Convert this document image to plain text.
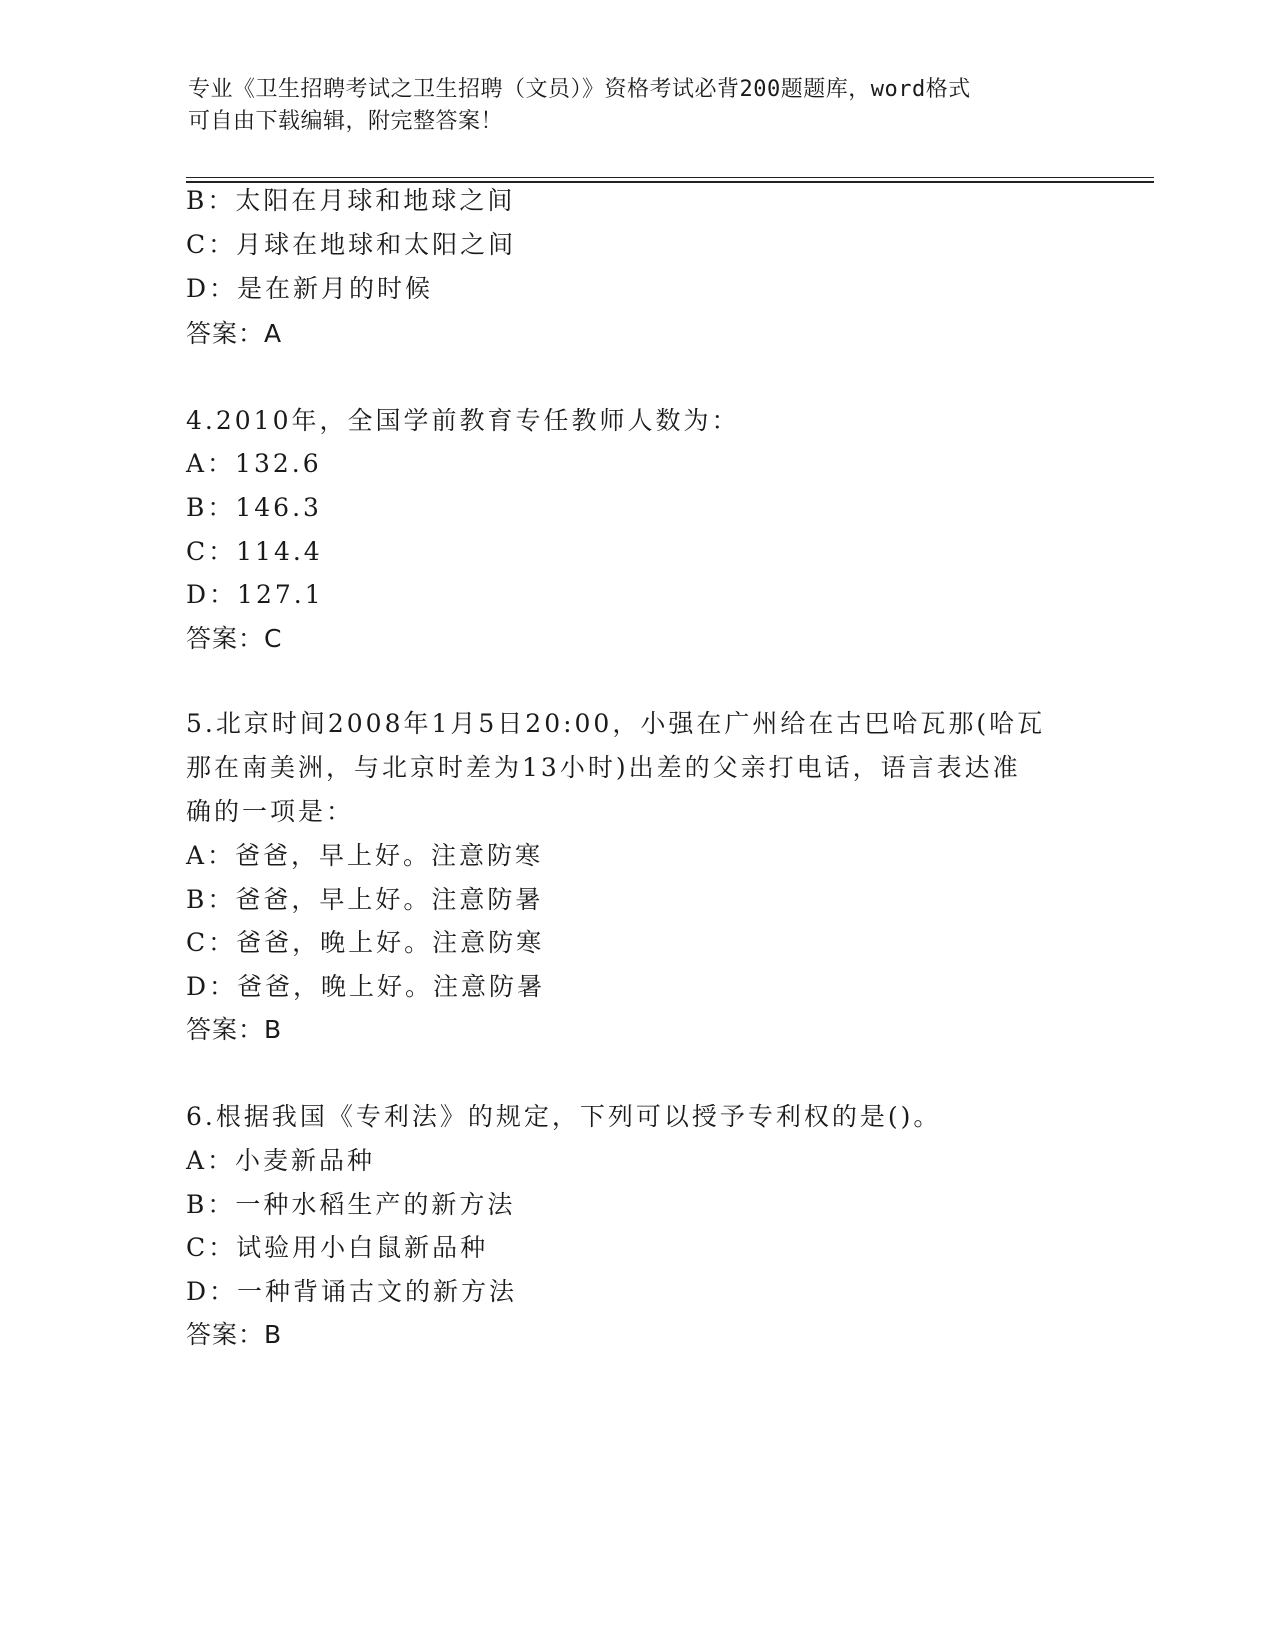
专业《卫生招聘考试之卫生招聘（文员）》资格考试必背200题题库，word格式

可自由下载编辑，附完整答案！

B：太阳在月球和地球之间
C：月球在地球和太阳之间
D：是在新月的时候
答案：A
4.2010年，全国学前教育专任教师人数为：
A：132.6
B：146.3
C：114.4
D：127.1
答案：C
5.北京时间2008年1月5日20:00，小强在广州给在古巴哈瓦那(哈瓦
那在南美洲，与北京时差为13小时)出差的父亲打电话，语言表达准
确的一项是：
A：爸爸，早上好。注意防寒
B：爸爸，早上好。注意防暑
C：爸爸，晚上好。注意防寒
D：爸爸，晚上好。注意防暑
答案：B
6.根据我国《专利法》的规定，下列可以授予专利权的是()。
A：小麦新品种
B：一种水稻生产的新方法
C：试验用小白鼠新品种
D：一种背诵古文的新方法
答案：B
